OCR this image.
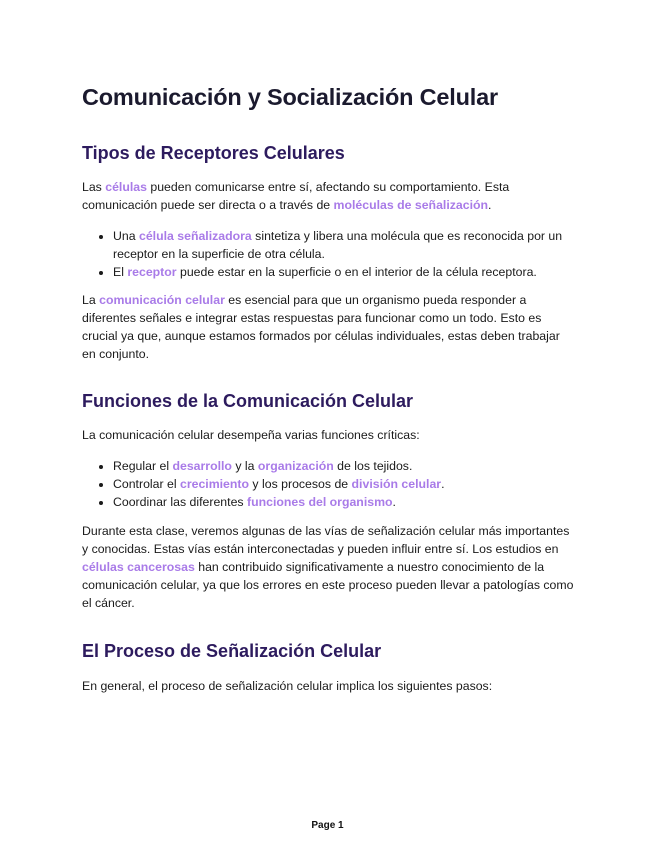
Comunicación y Socialización Celular
Tipos de Receptores Celulares

Las células pueden comunicarse entre sí, afectando su comportamiento. Esta comunicación puede ser directa o a través de moléculas de señalización.

• Una célula señalizadora sintetiza y libera una molécula que es reconocida por un receptor en la superficie de otra célula.
• El receptor puede estar en la superficie o en el interior de la célula receptora.

La comunicación celular es esencial para que un organismo pueda responder a diferentes señales e integrar estas respuestas para funcionar como un todo. Esto es crucial ya que, aunque estamos formados por células individuales, estas deben trabajar en conjunto.

Funciones de la Comunicación Celular

La comunicación celular desempeña varias funciones críticas:

• Regular el desarrollo y la organización de los tejidos.
• Controlar el crecimiento y los procesos de división celular.
• Coordinar las diferentes funciones del organismo.

Durante esta clase, veremos algunas de las vías de señalización celular más importantes y conocidas. Estas vías están interconectadas y pueden influir entre sí. Los estudios en células cancerosas han contribuido significativamente a nuestro conocimiento de la comunicación celular, ya que los errores en este proceso pueden llevar a patologías como el cáncer.

El Proceso de Señalización Celular

En general, el proceso de señalización celular implica los siguientes pasos:

Page 1
